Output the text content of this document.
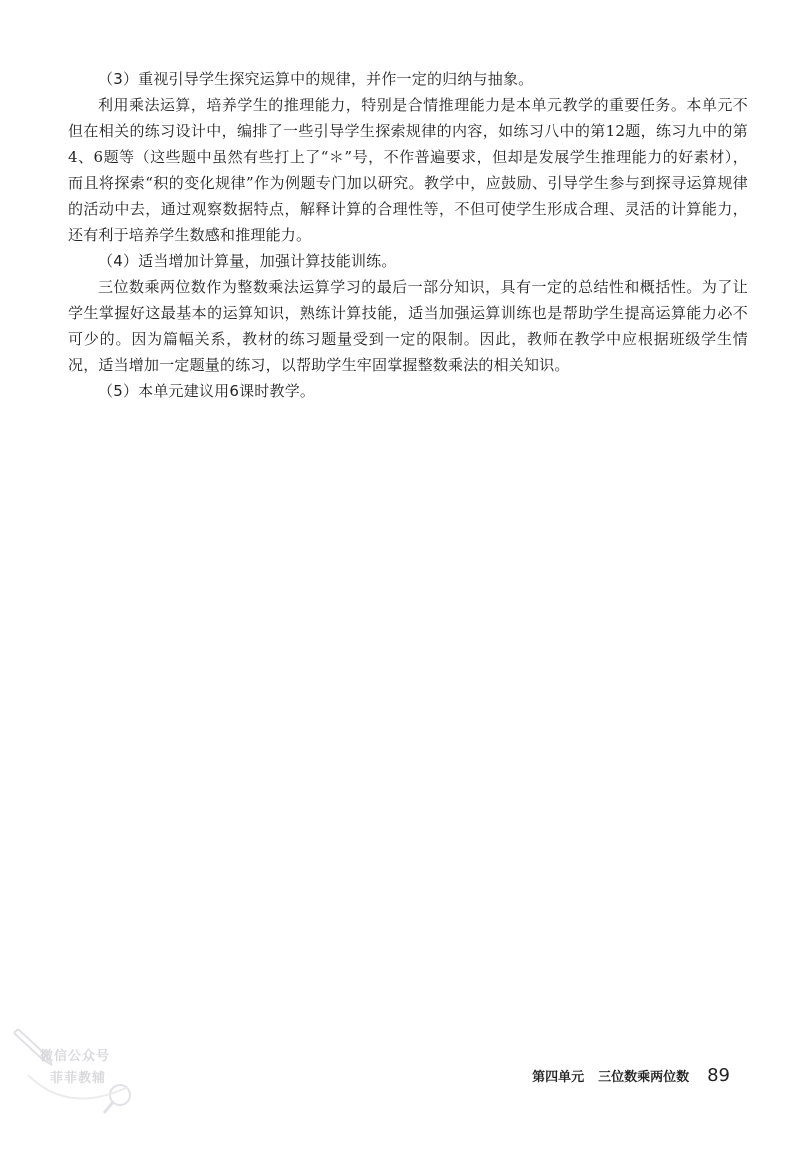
（3）重视引导学生探究运算中的规律，并作一定的归纳与抽象。

利用乘法运算，培养学生的推理能力，特别是合情推理能力是本单元教学的重要任务。本单元不但在相关的练习设计中，编排了一些引导学生探索规律的内容，如练习八中的第12题，练习九中的第4、6题等（这些题中虽然有些打上了“＊”号，不作普遍要求，但却是发展学生推理能力的好素材），而且将探索“积的变化规律”作为例题专门加以研究。教学中，应鼓励、引导学生参与到探寻运算规律的活动中去，通过观察数据特点，解释计算的合理性等，不但可使学生形成合理、灵活的计算能力，还有利于培养学生数感和推理能力。

（4）适当增加计算量，加强计算技能训练。

三位数乘两位数作为整数乘法运算学习的最后一部分知识，具有一定的总结性和概括性。为了让学生掌握好这最基本的运算知识，熟练计算技能，适当加强运算训练也是帮助学生提高运算能力必不可少的。因为篇幅关系，教材的练习题量受到一定的限制。因此，教师在教学中应根据班级学生情况，适当增加一定题量的练习，以帮助学生牢固掌握整数乘法的相关知识。

（5）本单元建议用6课时教学。

微信公众号
菲菲教辅	第四单元 三位数乘两位数 89
